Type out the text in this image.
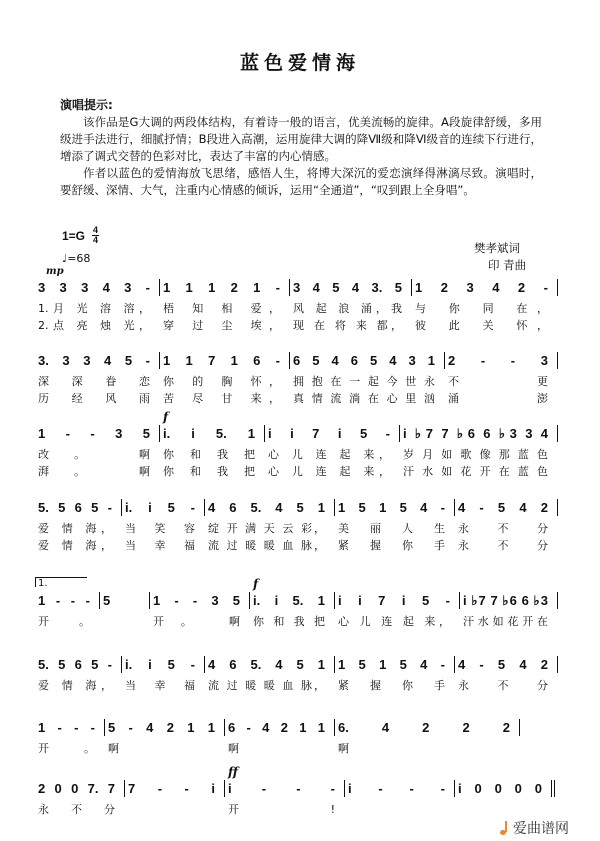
蓝色爱情海
演唱提示:

该作品是G大调的两段体结构，有着诗一般的语言，优美流畅的旋律。A段旋律舒缓，多用级进手法进行，细腻抒情；B段进入高潮，运用旋律大调的降Ⅶ级和降Ⅵ级音的连续下行进行，增添了调式交替的色彩对比，表达了丰富的内心情感。

作者以蓝色的爱情海放飞思绪，感悟人生，将博大深沉的爱恋演绎得淋漓尽致。演唱时，要舒缓、深情、大气，注重内心情感的倾诉，运用“全通道”，“叹到跟上全身唱”。

1=G 4
4
♩=68
mp
樊孝斌词
印 青曲
3 3 3 4 3 -
1.月 光 溶 溶，
2.点 亮 烛 光，
1 1 1 2 1 -
梧 知 相 爱，
穿 过 尘 埃，
3 4 5 4 3. 5
风 起 浪 涌，我
现 在 将 来 都，
1 2 3 4 2 -
与 你 同 在，
彼 此 关 怀，
3. 3 3 4 5 -
深 深 眷 恋
历 经 风 雨
1 1 7 1 6 -
你 的 胸 怀，
苦 尽 甘 来，
6 5 4 6 5 4 3 1
拥 抱 在 一 起 今 世 永
真 情 流 淌 在 心 里 汹
2 - - 3
不 更
涌 澎
1 - - 3 5
改。 啊
湃。 啊
i. i 5. 1
你 和 我 把
你 和 我 把
f
i i 7 i 5 -
心 儿 连 起 来，
心 儿 连 起 来，
i ♭7 7 ♭6 6 ♭3 3 4
岁 月 如 歌 像 那 蓝 色
汗 水 如 花 开 在 蓝 色
5. 5 6 5 -
爱 情 海，
爱 情 海，
i. i 5 -
当 笑 容
当 幸 福
4 6 5. 4 5 1
绽 开 满 天 云 彩，
流 过 暖 暖 血 脉，
1 5 1 5 4 -
美 丽 人 生
紧 握 你 手
4 - 5 4 2
永 不 分
永 不 分
1 - - -
开。
1.
5	1 - - 3 5
开。 啊
i. i 5. 1
你 和 我 把
f
i i 7 i 5 -
心 儿 连 起 来，
i ♭7 7 ♭6 6 ♭3
汗 水 如 花 开 在
5. 5 6 5 -
爱 情 海，
i. i 5 -
当 幸 福
4 6 5. 4 5 1
流 过 暖 暖 血 脉，
1 5 1 5 4 -
紧 握 你 手
4 - 5 4 2
永 不 分
1 - - -
开。
5 - 4 2 1 1
啊
6 - 4 2 1 1
啊
6. 4 2 2 2
啊
2 0 0 7. 7
永 不 分
7 - - i	i - - -
开!
ff
i - - -	i 0 0 0 0
爱曲谱网
